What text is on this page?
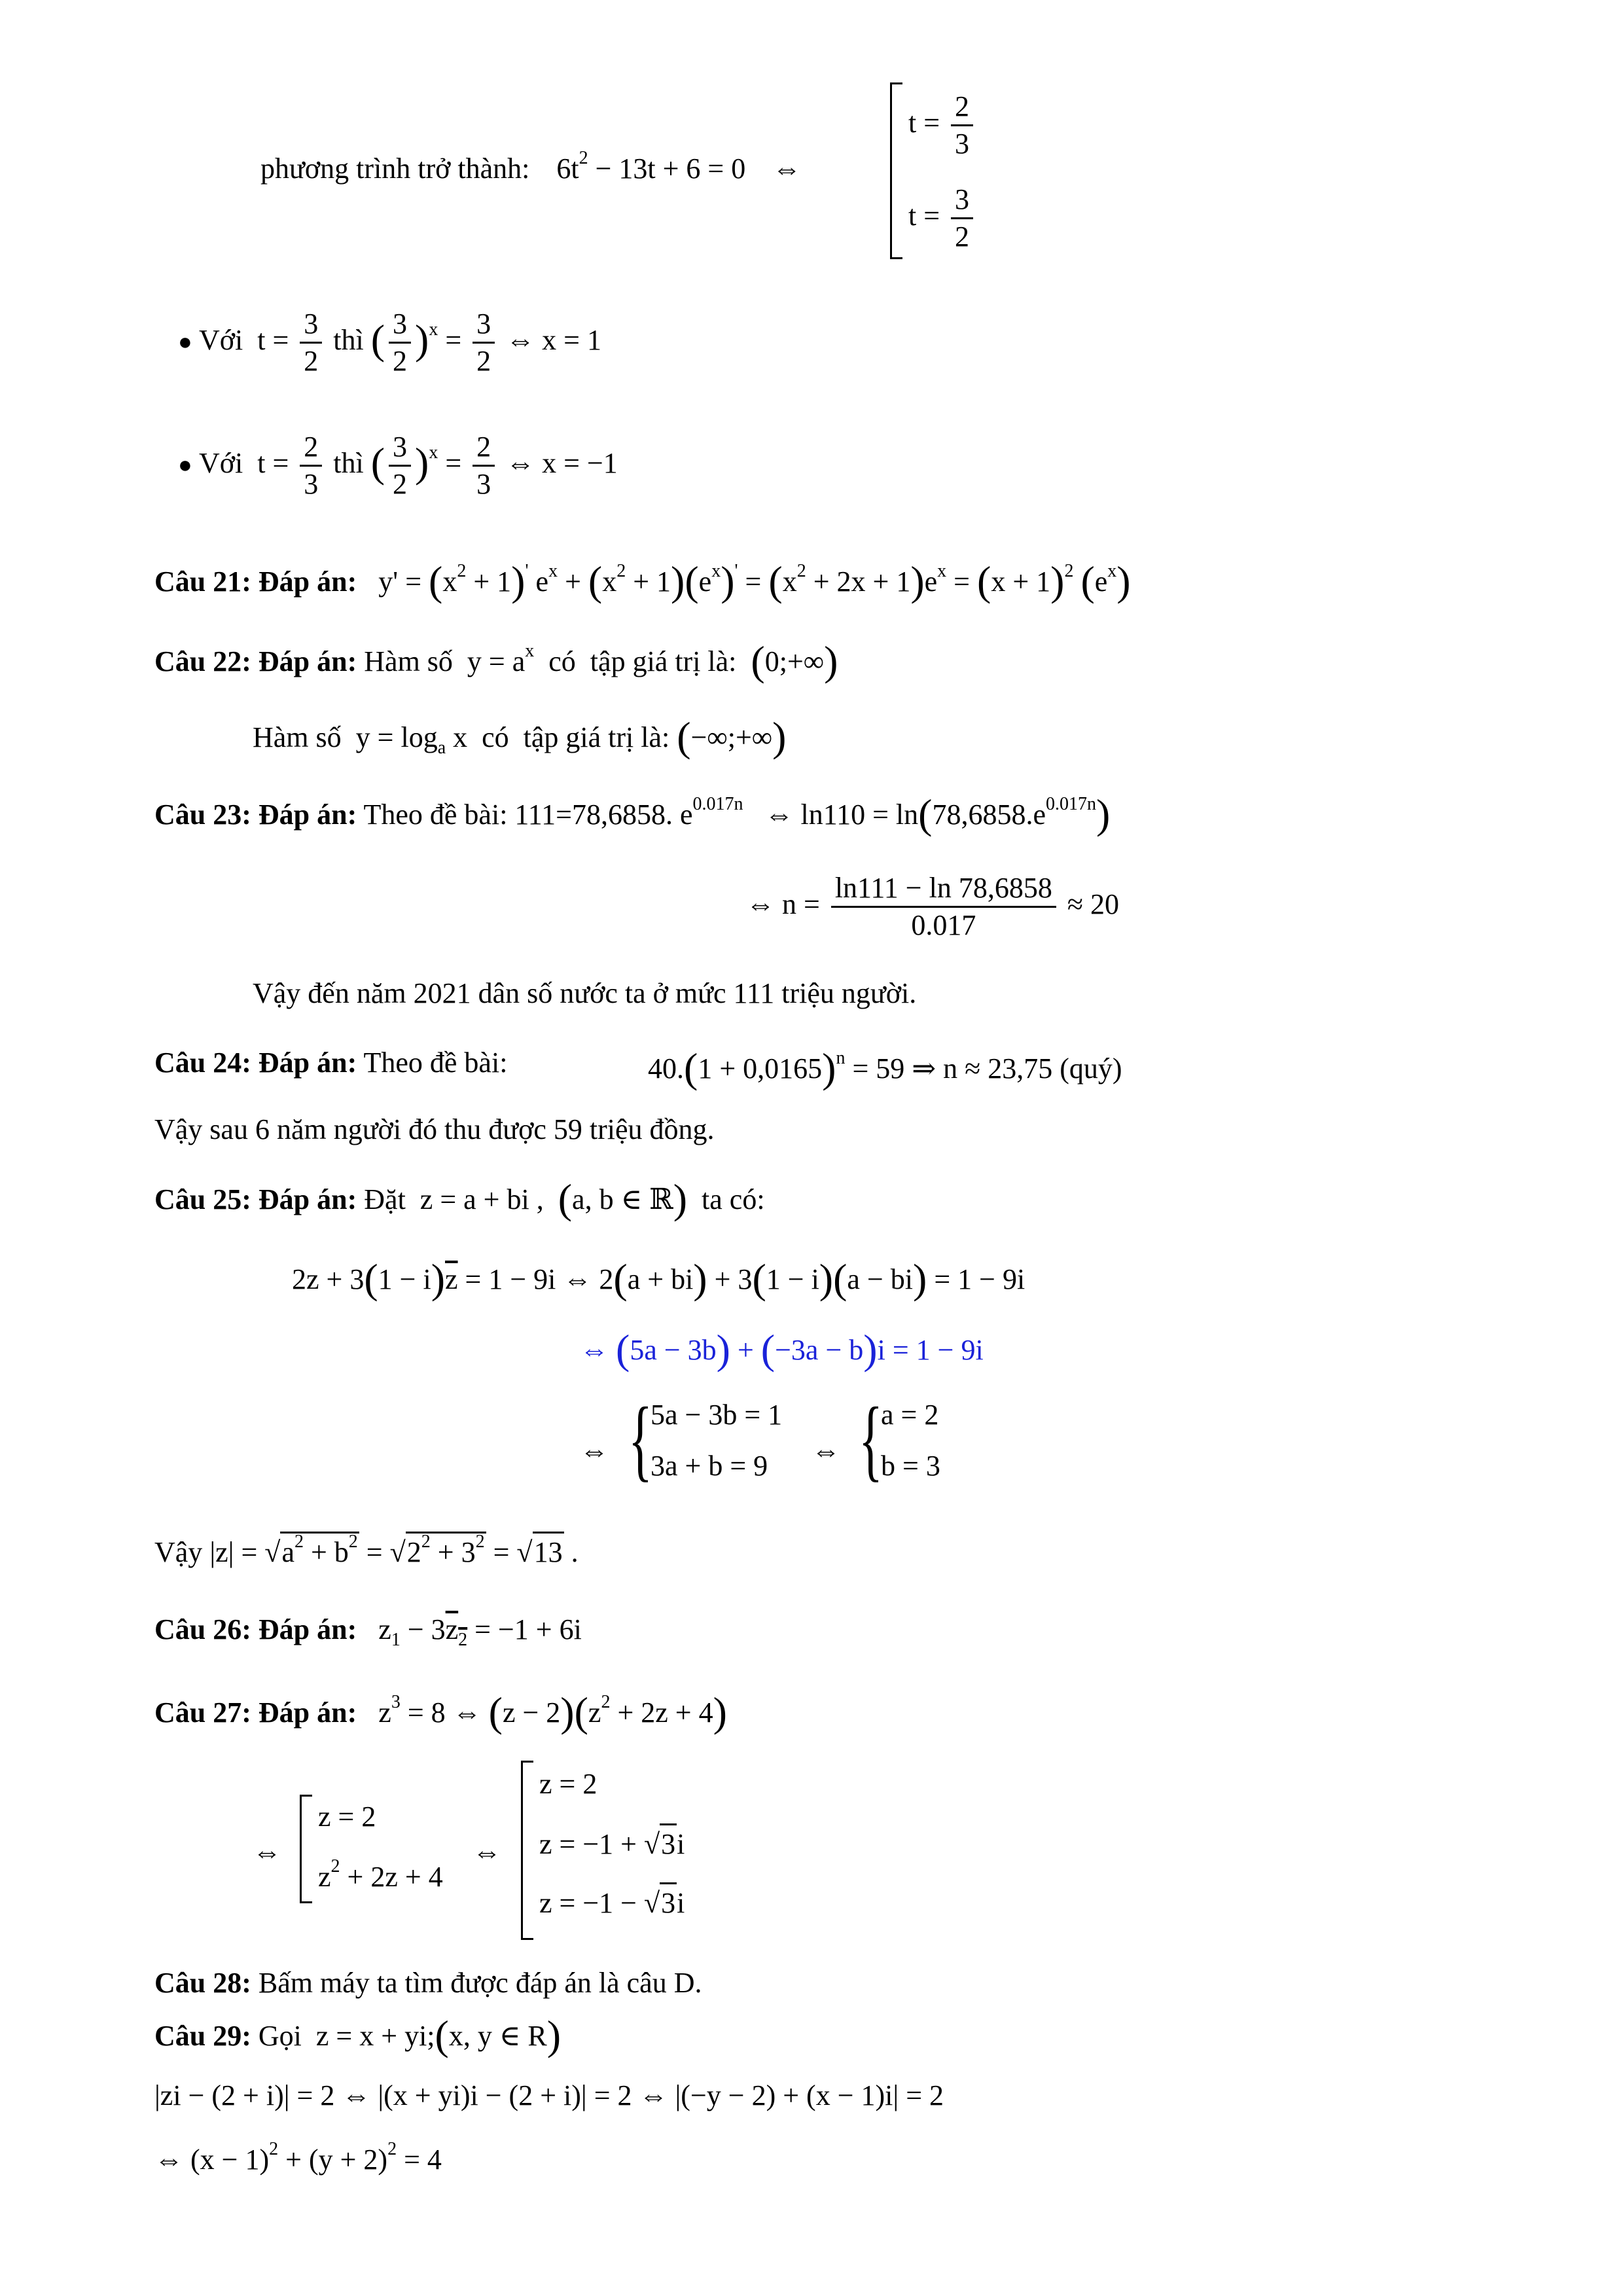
phương trình trở thành: $6t^2 - 13t + 6 = 0$ ⇔
$t = \frac{2}{3}$
$t = \frac{3}{2}$
● Với  $t = \frac{3}{2}$ thì ( $\frac{3}{2} )^x = \frac{3}{2}$ ⇔ x = 1
● Với  $t = \frac{2}{3}$ thì ( $\frac{3}{2} )^x = \frac{2}{3}$ ⇔ x = −1
Câu 21: Đáp án:   $y' = (x^2 + 1)'$ $e^x + (x^2 + 1)(e^x)' = (x^2 + 2x + 1)e^x = (x + 1)^2$ $(e^x)$
Câu 22: Đáp án: Hàm số  $y = a^x$  có  tập giá trị là:  (0;+∞)
Hàm số  $y = \log_a x$  có  tập giá trị là: (−∞;+∞)
Câu 23: Đáp án: Theo đề bài: 111=78,6858. $e^{0.017n}$   ⇔ $\ln 110 = \ln(78,6858.e^{0.017n})$
⇔ $n = \frac{\ln 111 - \ln 78,6858}{0.017} \approx 20$
Vậy đến năm 2021 dân số nước ta ở mức 111 triệu người.
Câu 24: Đáp án: Theo đề bài:	$40.(1 + 0,0165)^n = 59$ ⇒ n ≈ 23,75 (quý)
Vậy sau 6 năm người đó thu được 59 triệu đồng.
Câu 25: Đáp án: Đặt  z = a + bi ,  (a, b ∈ ℝ)  ta có:
$2z + 3(1 - i)\overline{z} = 1 - 9i$ ⇔ 2(a + bi) + 3(1 − i)(a − bi) = 1 − 9i
⇔ (5a − 3b) + (−3a − b)i = 1 − 9i
⇔ {
5a − 3b = 1
3a + b = 9 ⇔ {
a = 2
b = 3
Vậy $|z| = √a^2 + b^2 = √2^2 + 3^2 = √13$ .
Câu 26: Đáp án:   $z_1 - 3z_2 = -1 + 6i$
Câu 27: Đáp án:   $z^3 = 8$ ⇔ $(z - 2)(z^2 + 2z + 4)$
⇔
z = 2
$z^2 + 2z + 4$
⇔
z = 2
z = −1 + √3i
z = −1 − √3i
Câu 28: Bấm máy ta tìm được đáp án là câu D.
Câu 29: Gọi  z = x + yi;(x, y ∈ R)
|zi − (2 + i)| = 2 ⇔ |(x + yi)i − (2 + i)| = 2 ⇔ |(−y − 2) + (x − 1)i| = 2
⇔ $(x - 1)^2 + (y + 2)^2 = 4$
